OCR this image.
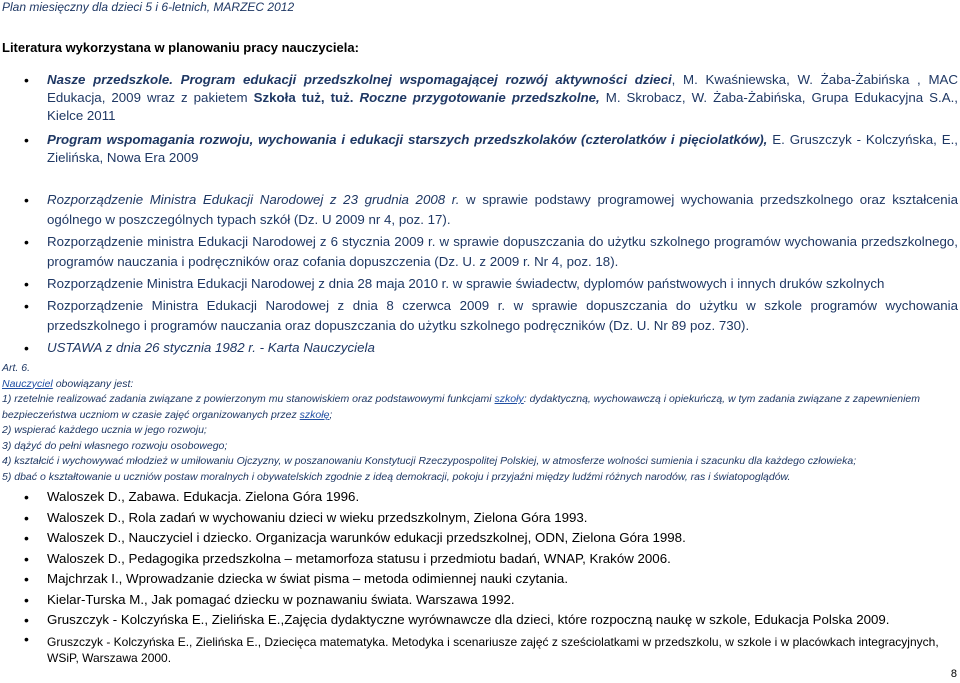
Plan miesięczny dla dzieci 5 i 6-letnich, MARZEC 2012
Literatura wykorzystana w planowaniu pracy nauczyciela:
• Nasze przedszkole. Program edukacji przedszkolnej wspomagającej rozwój aktywności dzieci, M. Kwaśniewska, W. Żaba-Żabińska , MAC Edukacja, 2009 wraz z pakietem Szkoła tuż, tuż. Roczne przygotowanie przedszkolne, M. Skrobacz, W. Żaba-Żabińska, Grupa Edukacyjna S.A., Kielce 2011
• Program wspomagania rozwoju, wychowania i edukacji starszych przedszkolaków (czterolatków i pięciolatków), E. Gruszczyk - Kolczyńska, E., Zielińska, Nowa Era 2009
• Rozporządzenie Ministra Edukacji Narodowej z 23 grudnia 2008 r. w sprawie podstawy programowej wychowania przedszkolnego oraz kształcenia ogólnego w poszczególnych typach szkół (Dz. U 2009 nr 4, poz. 17).
• Rozporządzenie ministra Edukacji Narodowej z 6 stycznia 2009 r. w sprawie dopuszczania do użytku szkolnego programów wychowania przedszkolnego, programów nauczania i podręczników oraz cofania dopuszczenia (Dz. U. z 2009 r. Nr 4, poz. 18).
• Rozporządzenie Ministra Edukacji Narodowej z dnia 28 maja 2010 r. w sprawie świadectw, dyplomów państwowych i innych druków szkolnych
• Rozporządzenie Ministra Edukacji Narodowej z dnia 8 czerwca 2009 r. w sprawie dopuszczania do użytku w szkole programów wychowania przedszkolnego i programów nauczania oraz dopuszczania do użytku szkolnego podręczników (Dz. U. Nr 89 poz. 730).
• USTAWA z dnia 26 stycznia 1982 r. - Karta Nauczyciela
Art. 6.
Nauczyciel obowiązany jest:
1) rzetelnie realizować zadania związane z powierzonym mu stanowiskiem oraz podstawowymi funkcjami szkoły: dydaktyczną, wychowawczą i opiekuńczą, w tym zadania związane z zapewnieniem bezpieczeństwa uczniom w czasie zajęć organizowanych przez szkołę;
2) wspierać każdego ucznia w jego rozwoju;
3) dążyć do pełni własnego rozwoju osobowego;
4) kształcić i wychowywać młodzież w umiłowaniu Ojczyzny, w poszanowaniu Konstytucji Rzeczypospolitej Polskiej, w atmosferze wolności sumienia i szacunku dla każdego człowieka;
5) dbać o kształtowanie u uczniów postaw moralnych i obywatelskich zgodnie z ideą demokracji, pokoju i przyjaźni między ludźmi różnych narodów, ras i światopoglądów.
• Waloszek D., Zabawa. Edukacja. Zielona Góra 1996.
• Waloszek D., Rola zadań w wychowaniu dzieci w wieku przedszkolnym, Zielona Góra 1993.
• Waloszek D., Nauczyciel i dziecko. Organizacja warunków edukacji przedszkolnej, ODN, Zielona Góra 1998.
• Waloszek D., Pedagogika przedszkolna – metamorfoza statusu i przedmiotu badań, WNAP, Kraków 2006.
• Majchrzak I., Wprowadzanie dziecka w świat pisma – metoda odimiennej nauki czytania.
• Kielar-Turska M., Jak pomagać dziecku w poznawaniu świata. Warszawa 1992.
• Gruszczyk - Kolczyńska E., Zielińska E.,Zajęcia dydaktyczne wyrównawcze dla dzieci, które rozpoczną naukę w szkole, Edukacja Polska 2009.
• Gruszczyk - Kolczyńska E., Zielińska E., Dziecięca matematyka. Metodyka i scenariusze zajęć z sześciolatkami w przedszkolu, w szkole i w placówkach integracyjnych, WSiP, Warszawa 2000.
8
